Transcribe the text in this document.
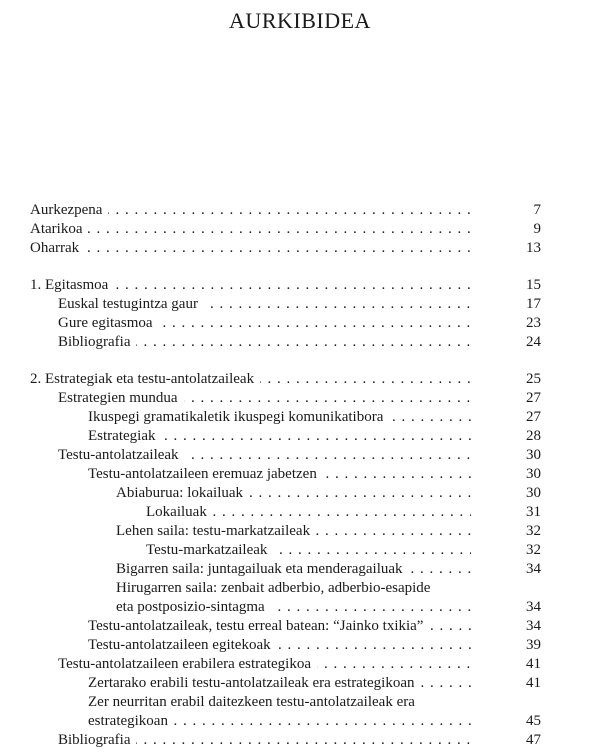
AURKIBIDEA
. . .
Aurkezpena	7
. . .
Atarikoa	9
. . .
Oharrak	13
. . .
1. Egitasmoa	15
. . .
Euskal testugintza gaur	17
. . .
Gure egitasmoa	23
. . .
Bibliografia	24
. . .
2. Estrategiak eta testu-antolatzaileak	25
. . .
Estrategien mundua	27
. . .
Ikuspegi gramatikaletik ikuspegi komunikatibora	27
. . .
Estrategiak	28
. . .
Testu-antolatzaileak	30
. . .
Testu-antolatzaileen eremuaz jabetzen	30
. . .
Abiaburua: lokailuak	30
. . .
Lokailuak	31
. . .
Lehen saila: testu-markatzaileak	32
. . .
Testu-markatzaileak	32
. . .
Bigarren saila: juntagailuak eta menderagailuak	34
Hirugarren saila: zenbait adberbio, adberbio-esapide
. . .
eta postposizio-sintagma	34
. . .
Testu-antolatzaileak, testu erreal batean: “Jainko txikia”	34
. . .
Testu-antolatzaileen egitekoak	39
. . .
Testu-antolatzaileen erabilera estrategikoa	41
. . .
Zertarako erabili testu-antolatzaileak era estrategikoan	41
Zer neurritan erabil daitezkeen testu-antolatzaileak era
. . .
estrategikoan	45
. . .
Bibliografia	47
